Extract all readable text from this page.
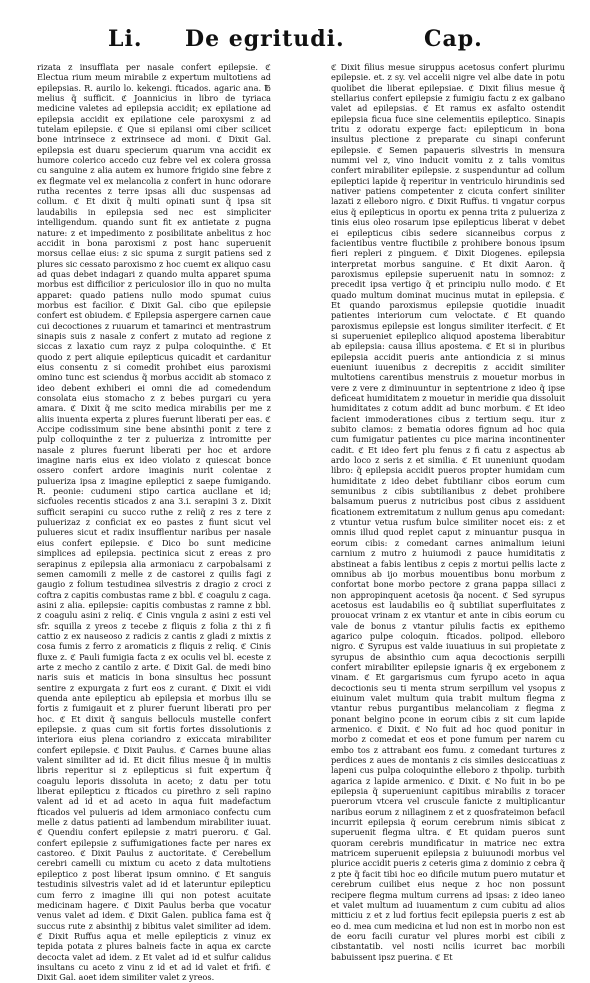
Li. De egritudi.	Cap.
rizata z insufflata per nasale confert epilepsie. ℭ Electua rium meum mirabile z expertum multotiens ad epilepsias. R. aurilo lo. kekengi. fticados. agaric ana. ℔ melius q̃ sufficit. ℭ Joannicius in libro de tyriaca medicine valetes ad epilepsia accidit; ex epilatione ad epilepsia accidit ex epilatione cele paroxysmi z ad tutelam epilepsie. ℭ Que si epilansi omi ciber scilicet bone intrinsece z extrinsece ad moni. ℭ Dixit Gal. epilepsia est duaru specierum quarum vna accidit ex humore colerico accedo cuz febre vel ex colera grossa cu sanguine z alia autem ex humore frigido sine febre z ex flegmate vel ex melancolia z confert in hunc odorare rutha recentes z terre ipsas alli duc suspensas ad collum. ℭ Et dixit q̃ multi opinati sunt q̃ ipsa sit laudabilis in epilepsia sed nec est simpliciter intelligendum. quando sunt fit ex antietate z pugna nature: z et impedimento z posibilitate anbelitus z hoc accidit in bona paroxismi z post hanc superuenit morsus cellae eius: z sic spuma z surgit patiens sed z plures sic cessato paroxismo z hoc cuemt ex aliquo casu ad quas debet indagari z quando multa apparet spuma morbus est difficilior z periculosior illo in quo no multa apparet: quado patiens nullo modo spumat cuius morbus est facilior. ℭ Dixit Gal. cibo que epilepsie confert est obiudem. ℭ Epilepsia aspergere carnen caue cui decoctiones z ruuarum et tamarinci et mentrastrum sinapis suis z nasale z confert z mutato ad regione z siccas z laxatio cum rayz z pulpa coloquinthe. ℭ Et quodo z pert aliquie epilepticus quicadit et cardanitur eius consentu z si comedit prohibet eius paroxismi omino tunc est sciendus q̃ morbus accidit ab stomaco z ideo debent exhiberi ei omni die ad comedendum consolata eius stomacho z z bebes purgari cu yera amara. ℭ Dixit q̃ me scito medica mirabilis per me z aliis inuenta experta z plures fuerunt liberati per eas. ℭ Accipe codissimum sine bene absinthi ponit z tere z pulp colloquinthe z ter z pulueriza z intromitte per nasale z plures fuerunt liberati per hoc et ardore imagine naris eius ex ideo violato z quiescat bonce ossero confert ardore imaginis nurit colentae z pulueriza ipsa z imagine epileptici z saepe fumigando. R. peonie: cudumeni stipo cartica aucllane et id; sicfuoles recentis sticados z ana 3.i. serapini 3 z. Dixit sufficit serapini cu succo ruthe z reliq̃ z res z tere z puluerizaz z conficiat ex eo pastes z fiunt sicut vel pulueres sicut et radix insufflentur naribus per nasale eius confert epilepsie. ℭ Dico bo sunt medicine simplices ad epilepsia. pectinica sicut z ereas z pro serapinus z epilepsia alia armoniacu z carpobalsami z semen camomili z melle z de castorei z quilis fagi z gaugio z folium testudinea silvestris z dragio z croci z coftra z capitis combustas rame z bbl. ℭ coagulu z caga. asini z alia. epilepsie: capitis combustas z ramne z bbl. z coagulu asini z reliq. ℭ Cinis vngula z asini z esti vel sfr. squilla z yreos z tecebe z fliquis z folia z thi z fi cattio z ex nauseoso z radicis z cantis z gladi z mixtis z cosa fumis z ferro z aromaticis z fliquis z reliq. ℭ Cinis fluxe z. ℭ Pauli fumigia facta z ex oculis vel bl. eceste z arte z mecho z cantilo z arte. ℭ Dixit Gal. de medi bino naris suis et maticis in bona sinsultus hec possunt sentire z expurgata z furt eos z curant. ℭ Dixit ei vidi quenda ante epilepticu ab epilepsia et morbus illu se fortis z fumigauit et z plurer fuerunt liberati pro per hoc. ℭ Et dixit q̃ sanguis belloculs mustelle confert epilepsie. z quas cum sit fortis fortes dissolutionis z interiora eius plena coriandro z exiccata mirabiliter confert epilepsie. ℭ Dixit Paulus. ℭ Carnes buune alias valent similiter ad id. Et dicit filius mesue q̃ in multis libris reperitur si z epilepticus si fuit expertum q̃ coagulu leporis dissoluta in aceto; z datu per totu liberat epilepticu z fticados cu pirethro z seli rapino valent ad id et ad aceto in aqua fuit madefactum fticados vel pulueris ad idem armoniaco confectu cum melle z datus patienti ad lambendum mirabiliter iuuat. ℭ Quendiu confert epilepsie z matri pueroru. ℭ Gal. confert epilepsie z suffumigationes facte per nares ex castoreo. ℭ Dixit Paulus z auctoritate. ℭ Cerebellum cerebri camelli cu mixtum cu aceto z data multotiens epileptico z post liberat ipsum omnino. ℭ Et sanguis testudinis silvestris valet ad id et lateruntur epilepticu cum ferro z imagine illi qui non potest acuitate medicinam hagere. ℭ Dixit Paulus berba que vocatur venus valet ad idem. ℭ Dixit Galen. publica fama est q̃ succus rute z absinthij z bibitus valet similiter ad idem. ℭ Dixit Ruffus aqua et melle epilepticis z vinuz ex tepida potata z plures balneis facte in aqua ex carcte decocta valet ad idem. z Et valet ad id et sulfur calidus insultans cu aceto z vinu z id et ad id valet et frifi. ℭ Dixit Gal. aoet idem similiter valet z yreos.
ℭ Dixit filius mesue siruppus acetosus confert plurimu epilepsie. et. z sy. vel accelii nigre vel albe date in potu quolibet die liberat epilepsiae. ℭ Dixit filius mesue q̃ stellarius confert epilepsie z fumigiu factu z ex galbano valet ad epilepsias. ℭ Et ramus ex asfalto ostendit epilepsia ficua fuce sine celementiis epileptico. Sinapis tritu z odoratu experge fact: epilepticum in bona insultus plectione z preparate cu sinapi conferunt epilepsie. ℭ Semen papaueris silvestris in mensura nummi vel z, vino inducit vomitu z z talis vomitus confert mirabiliter epilepsie. z suspenduntur ad collum epileptici lapide q̃ reperitur in ventriculo hirundinis sed nativer patiens competenter z cicuta confert siniliter lazati z elleboro nigro. ℭ Dixit Ruffus. ti vngatur corpus eius q̃ epilepticus in oportu ex penna trita z pulueriza z tinis eius oleo rosarum ipse epilepticus liberat v debet ei epilepticus cibis sedere sicanneibus corpus z facientibus ventre fluctibile z prohibere bonous ipsum fieri repleri z pinguem. ℭ Dixit Diogenes. epilepsia interpretat morbus sanguine. ℭ Et dixit Aaron. q̃ paroxismus epilepsie superuenit natu in somnoz: z precedit ipsa vertigo q̃ et principiu nullo modo. ℭ Et quado multum dominat mucinus mutat in epilepsia. ℭ Et quando paroxismus epilepsie quotidie inuadit patientes interiorum cum veloctate. ℭ Et quando paroxismus epilepsie est longus similiter iterfecit. ℭ Et si superueniet epileplico aliquod apostema liberabitur ab epilepsia: causa illius apostema. ℭ Et si in pluribus epilepsia accidit pueris ante antiondicia z si minus eueniunt iuuenibus z decrepitis z accidit similiter multotiens carentibus menstruis z mouetur morbus in vere z vere z diminuuntur in septentrione z ideo q̃ ipse deficeat humiditatem z mouetur in meridie qua dissoluit humiditates z cotum addit ad bunc morbum. ℭ Et ideo facient immoderationes cibus z tertium sequ. itur z subito clamos: z bematia odores fignum ad hoc quia cum fumigatur patientes cu pice marina incontinenter cadit. ℭ Et ideo fert plu fenus z fi catu z aspectus ab ardo loco z seris z et similia. ℭ Et uuneniunt quodam libro: q̃ epilepsia accidit pueros propter humidam cum humiditate z ideo debet fubtilianr cibos eorum cum semunibus z cibis subtilianibus z debet prohibere balsamum puerus z nutricibus post cibus z assiduent ficationem extremitatum z nullum genus apu comedant: z vtuntur vetua rusfum bulce similiter nocet eis: z et omnis illud quod replet caput z minuantur pusqua in eorum cibis: z comedant carnes animalium ieiuni carnium z mutro z huiumodi z pauce humiditatis z abstineat a fabis lentibus z cepis z mortui pellis lacte z omnibus ab ijo morbus mouentibus bonu morbum z confortat bone morbo pectore z grana pappa sillaci z non appropinquent acetosis q̃a nocent. ℭ Sed syrupus acetosus est laudabilis eo q̃ subtiliat superfluitates z prouocat vrinam z ex vtantur et ante in cibis eorum cu vale de bonus z vtantur pilulis factis ex epithemo agarico pulpe coloquin. fticados. polipod. elleboro nigro. ℭ Syrupus est valde iuuatiuus in sui propietate z syrupus de absinthio cum aqua decoctionis serpilli confert mirabiliter epilepsie ignaris q̃ ex ergebonem z vinam. ℭ Et gargarismus cum fyrupo aceto in aqua decoctionis seu ti menta strum serpillum vel ysopus z eiuinum valet multum quia trabit multum flegma z vtantur rebus purgantibus melancoliam z flegma z ponant belgino pcone in eorum cibis z sit cum lapide armenico. ℭ Dixit. ℭ No fuit ad hoc quod ponitur in morbo z comedat et eos et pone fumum per narem cu embo tos z attrabant eos fumu. z comedant turtures z perdices z aues de montanis z cis similes desiccatiuas z lapeni cus pulpa coloquinthe elleboro z thpolip. turbith agarica z lapide armenico. ℭ Dixit. ℭ No fuit in bo pe epilepsia q̃ superueniunt capitibus mirabilis z toracer puerorum vtcera vel cruscule fanicte z multiplicantur naribus eorum z nillaginem z et z quosfrateimon befacil incurrit epilepsia q̃ eorum cerebrum nimis sibicat z superuenit flegma ultra. ℭ Et quidam pueros sunt quoram cerebris mundificatur in matrice nec extra matricem superuenit epilepsia z buiuunodi morbus vel plurice accidit pueris z ceteris gima z dominio z cebra q̃ z pte q̃ facit tibi hoc eo dificile mutum puero mutatur et cerebrum cuilibet eius neque z hoc non possunt recipere flegma multum currens ad ipsas: z ideo ianeo et valet multum ad iuuamentum z cum cubitu ad alios mitticiu z et z lud fortius fecit epilepsia pueris z est ab eo d. mea cum medicina et lud non est in morbo non est de eoru facili curatur vel plures morbi est cibili z cibstantatib. vel nosti ncilis icurret bac morbili babuissent ipsz puerina. ℭ Et
